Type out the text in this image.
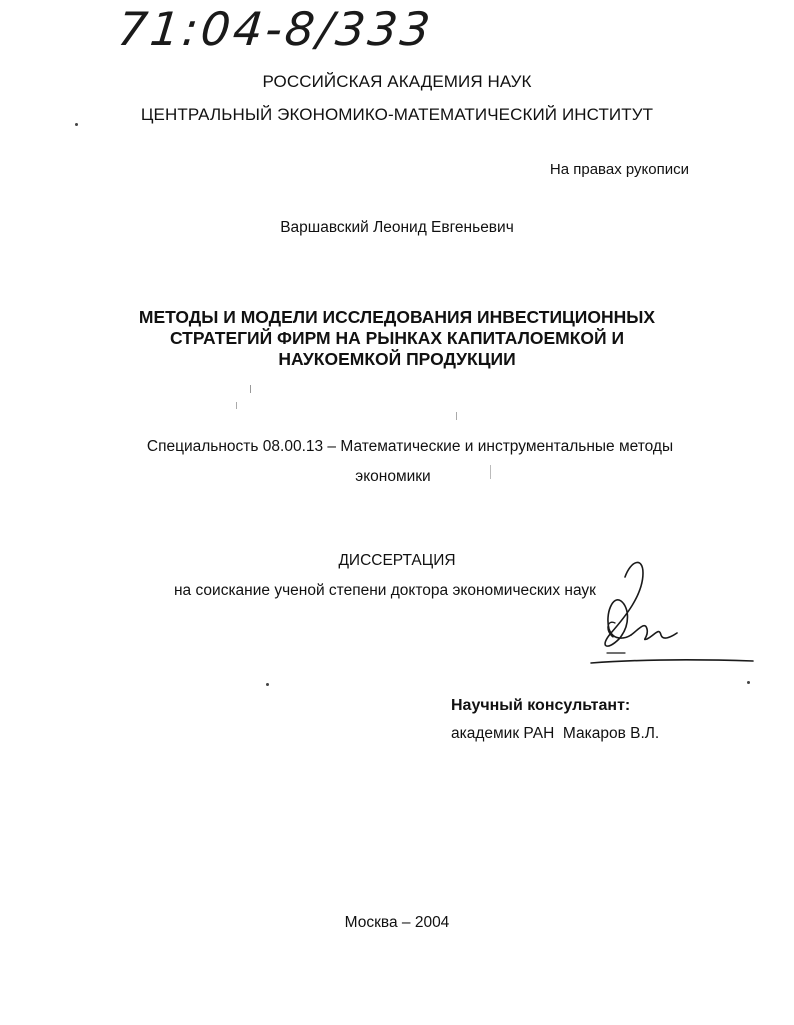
71:04-8/333
РОССИЙСКАЯ АКАДЕМИЯ НАУК
ЦЕНТРАЛЬНЫЙ ЭКОНОМИКО-МАТЕМАТИЧЕСКИЙ ИНСТИТУТ
На правах рукописи
Варшавский Леонид Евгеньевич
МЕТОДЫ И МОДЕЛИ ИССЛЕДОВАНИЯ ИНВЕСТИЦИОННЫХ
СТРАТЕГИЙ ФИРМ НА РЫНКАХ КАПИТАЛОЕМКОЙ И
НАУКОЕМКОЙ ПРОДУКЦИИ
Специальность 08.00.13 – Математические и инструментальные методы
экономики
ДИССЕРТАЦИЯ
на соискание ученой степени доктора экономических наук
Научный консультант:
академик РАН  Макаров В.Л.
Москва – 2004
